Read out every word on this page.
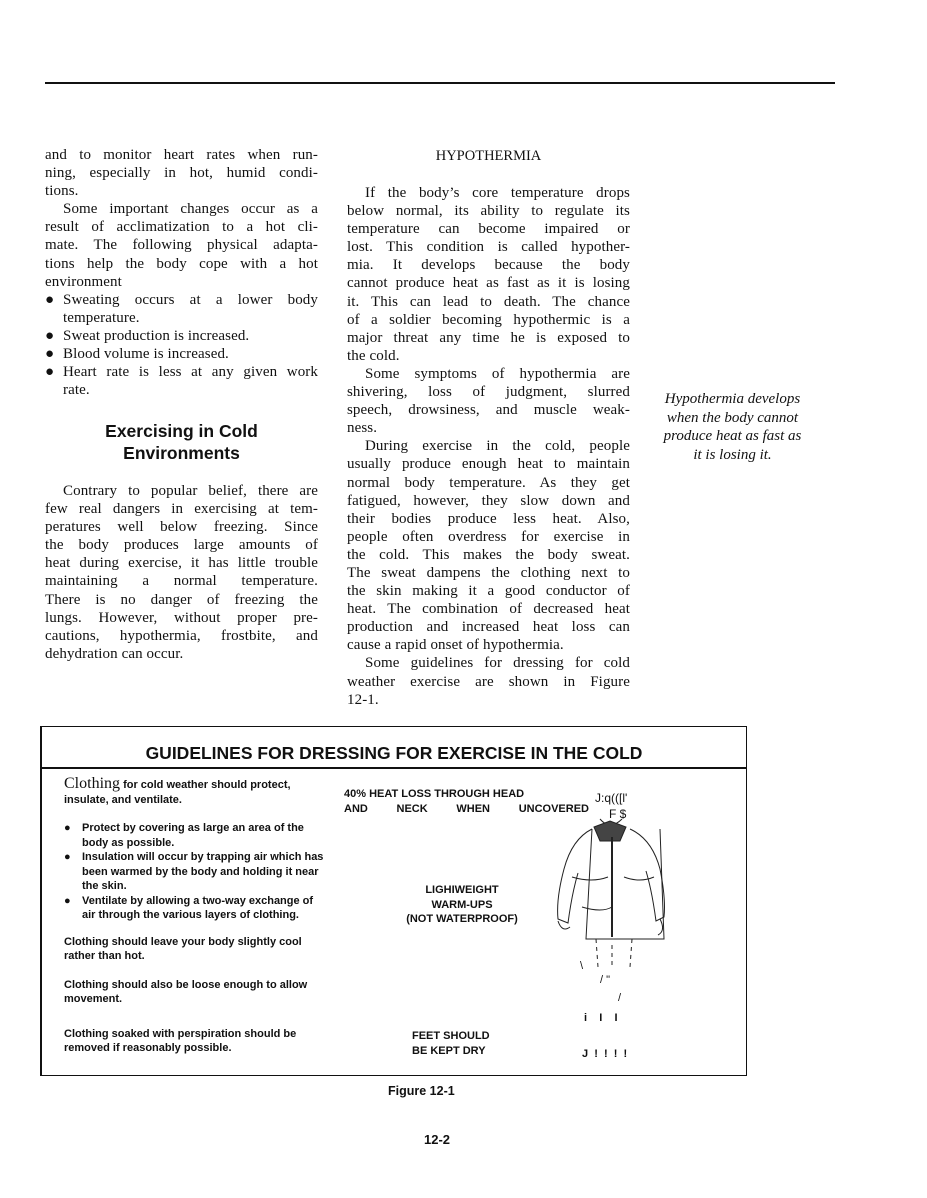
and to monitor heart rates when run-
ning, especially in hot, humid condi-
tions.
Some important changes occur as a
result of acclimatization to a hot cli-
mate. The following physical adapta-
tions help the body cope with a hot
environment
● Sweating occurs at a lower body
temperature.
● Sweat production is increased.
● Blood volume is increased.
● Heart rate is less at any given work
rate.
Exercising in Cold
Environments
Contrary to popular belief, there are
few real dangers in exercising at tem-
peratures well below freezing. Since
the body produces large amounts of
heat during exercise, it has little trouble
maintaining a normal temperature.
There is no danger of freezing the
lungs. However, without proper pre-
cautions, hypothermia, frostbite, and
dehydration can occur.
HYPOTHERMIA
If the body’s core temperature drops
below normal, its ability to regulate its
temperature can become impaired or
lost. This condition is called hypother-
mia. It develops because the body
cannot produce heat as fast as it is losing
it. This can lead to death. The chance
of a soldier becoming hypothermic is a
major threat any time he is exposed to
the cold.
Some symptoms of hypothermia are
shivering, loss of judgment, slurred
speech, drowsiness, and muscle weak-
ness.
During exercise in the cold, people
usually produce enough heat to maintain
normal body temperature. As they get
fatigued, however, they slow down and
their bodies produce less heat. Also,
people often overdress for exercise in
the cold. This makes the body sweat.
The sweat dampens the clothing next to
the skin making it a good conductor of
heat. The combination of decreased heat
production and increased heat loss can
cause a rapid onset of hypothermia.
Some guidelines for dressing for cold
weather exercise are shown in Figure
12-1.
Hypothermia develops
when the body cannot
produce heat as fast as
it is losing it.
GUIDELINES FOR DRESSING FOR EXERCISE IN THE COLD

Clothing for cold weather should protect, insulate, and ventilate.

● Protect by covering as large an area of the body as possible.
● Insulation will occur by trapping air which has been warmed by the body and holding it near the skin.
● Ventilate by allowing a two-way exchange of air through the various layers of clothing.

Clothing should leave your body slightly cool rather than hot.

Clothing should also be loose enough to allow movement.

Clothing soaked with perspiration should be removed if reasonably possible.

40% HEAT LOSS THROUGH HEAD
AND	NECK	WHEN	UNCOVERED
LIGHIWEIGHT
WARM-UPS
(NOT WATERPROOF)
FEET SHOULD
BE KEPT DRY
J:q(([l'
F $
\
/ "
/
i    I    I
J  !  !  !  !
Figure 12-1
12-2
